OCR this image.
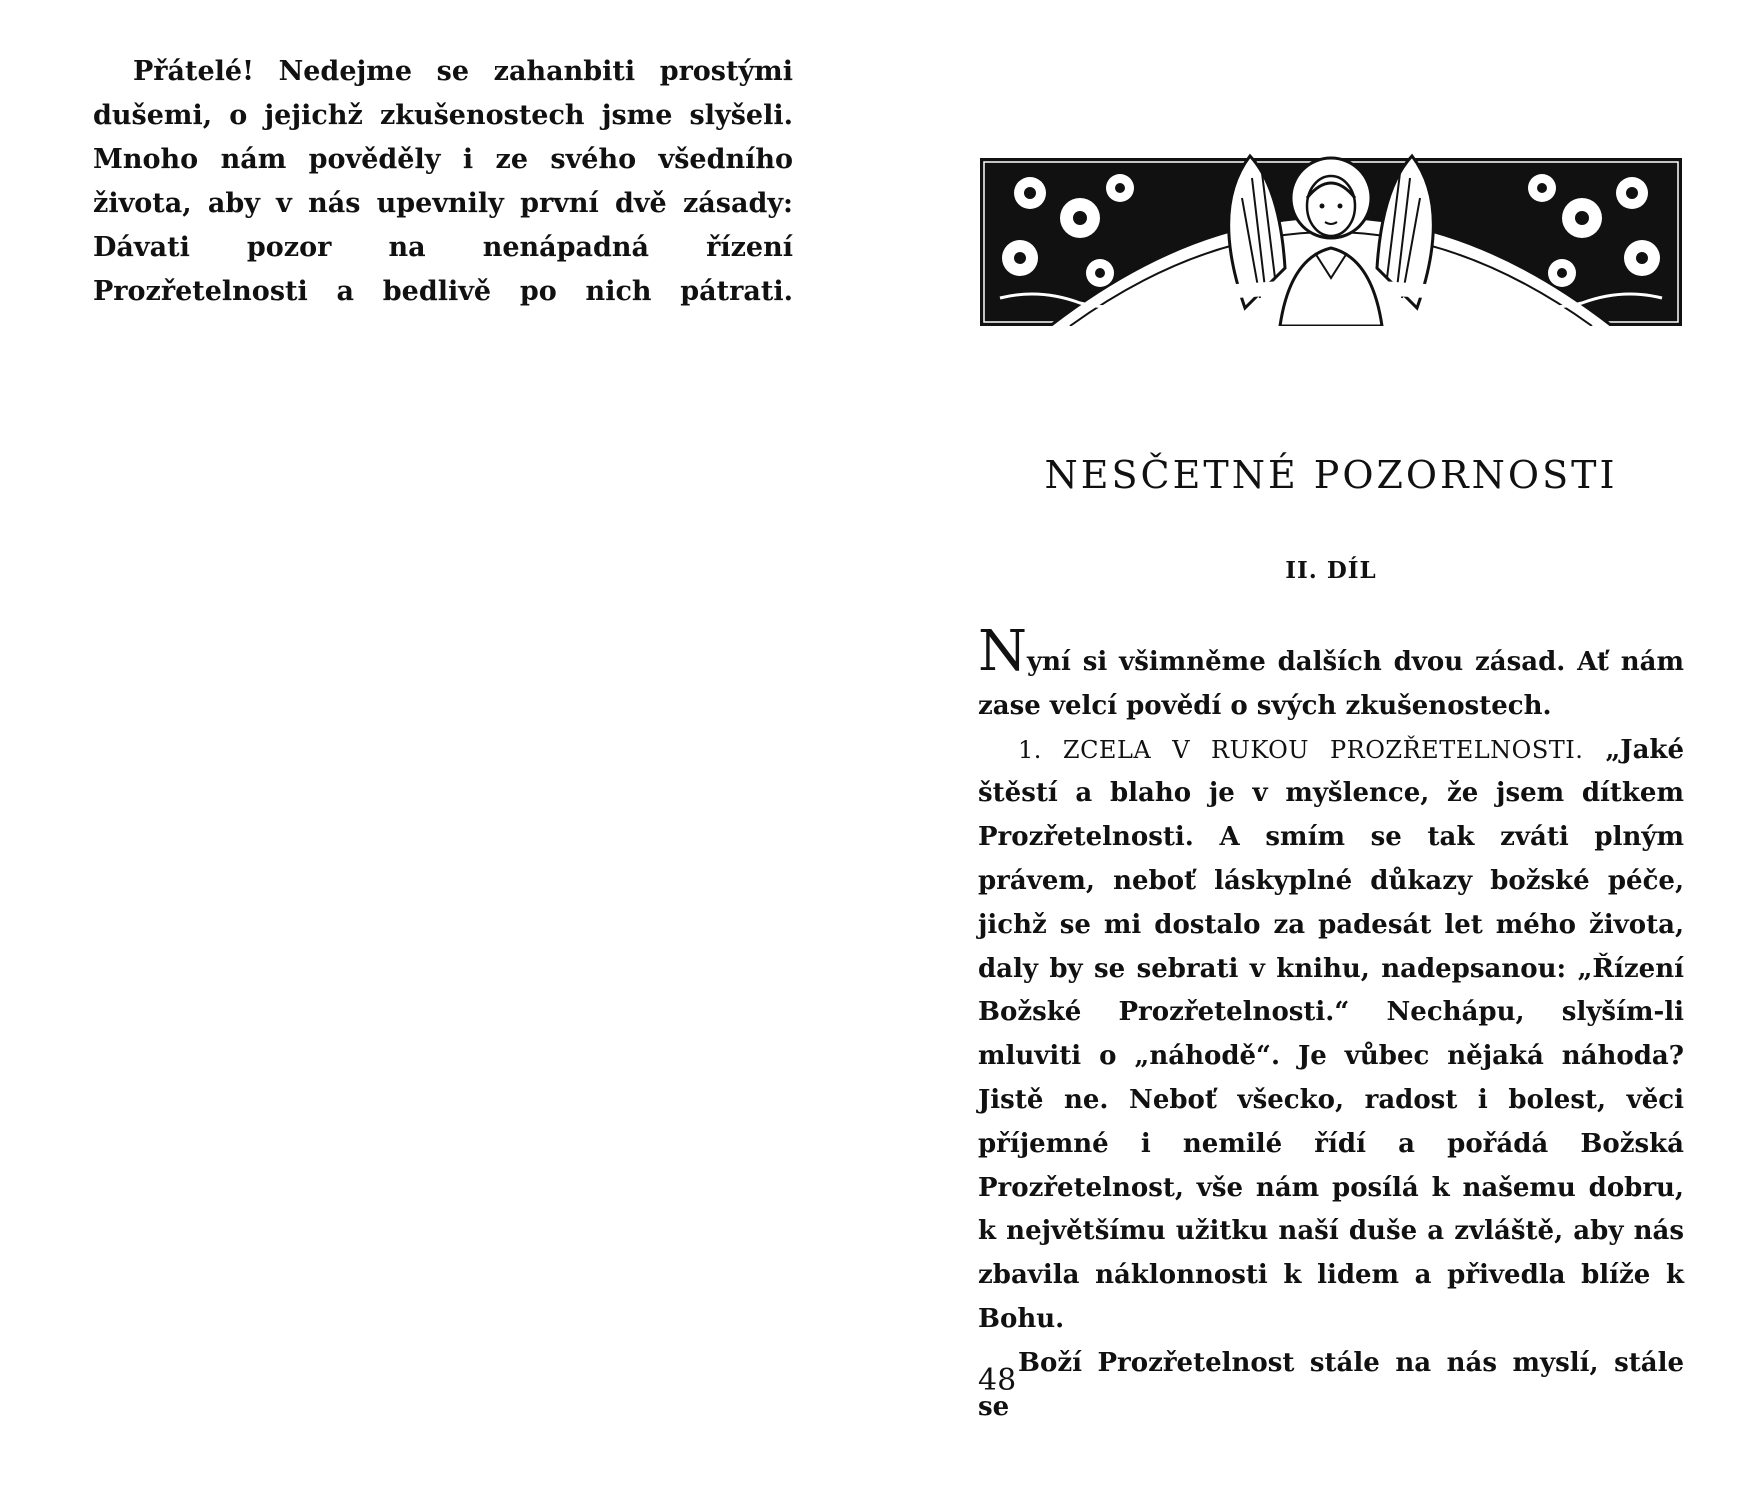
Přátelé! Nedejme se zahanbiti prostými dušemi, o jejichž zkušenostech jsme slyšeli. Mnoho nám pověděly i ze svého všedního života, aby v nás upevnily první dvě zásady: Dávati pozor na nenápadná řízení Prozřetelnosti a bedlivě po nich pátrati.

NESČETNÉ POZORNOSTI
II. DÍL

Nyní si všimněme dalších dvou zásad. Ať nám zase velcí povědí o svých zkušenostech.

1. ZCELA V RUKOU PROZŘETELNOSTI. „Jaké štěstí a blaho je v myšlence, že jsem dítkem Prozřetelnosti. A smím se tak zváti plným právem, neboť láskyplné důkazy božské péče, jichž se mi dostalo za padesát let mého života, daly by se sebrati v knihu, nadepsanou: „Řízení Božské Prozřetelnosti.“ Nechápu, slyším-li mluviti o „náhodě“. Je vůbec nějaká náhoda? Jistě ne. Neboť všecko, radost i bolest, věci příjemné i nemilé řídí a pořádá Božská Prozřetelnost, vše nám posílá k našemu dobru, k největšímu užitku naší duše a zvláště, aby nás zbavila náklonnosti k lidem a přivedla blíže k Bohu.

Boží Prozřetelnost stále na nás myslí, stále se

48
